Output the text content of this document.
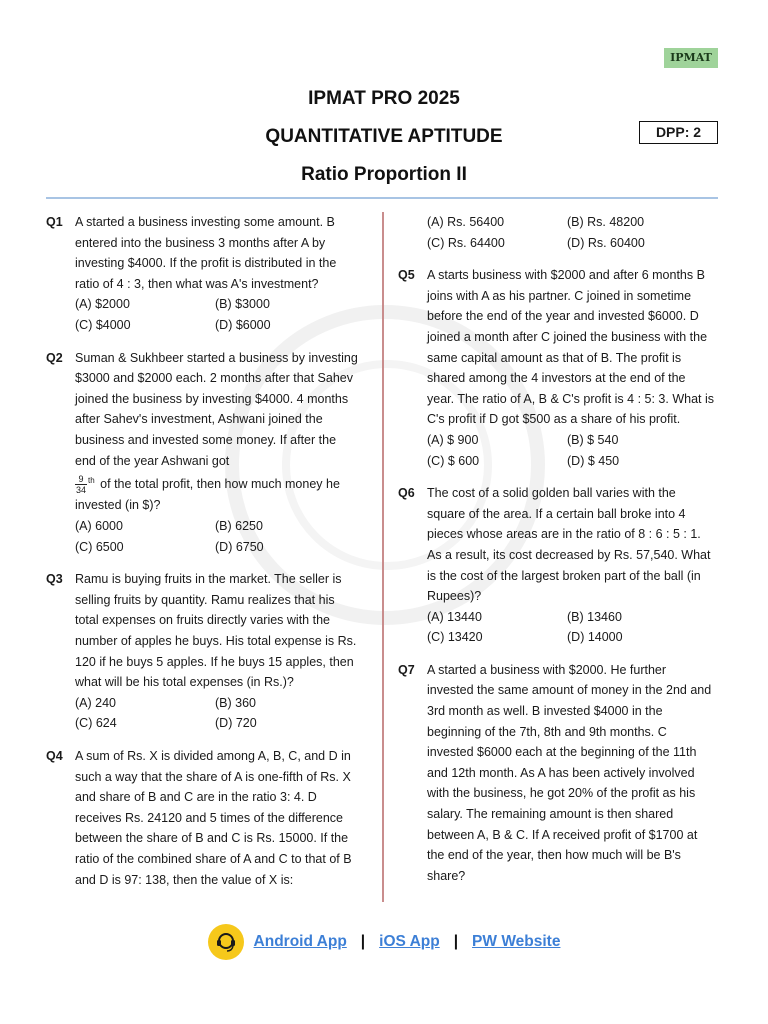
IPMAT
IPMAT PRO 2025
QUANTITATIVE APTITUDE
Ratio Proportion II
DPP: 2
Q1 A started a business investing some amount. B entered into the business 3 months after A by investing $4000. If the profit is distributed in the ratio of 4 : 3, then what was A's investment?

(A) $2000	(B) $3000
(C) $4000	(D) $6000
Q2 Suman & Sukhbeer started a business by investing $3000 and $2000 each. 2 months after that Sahev joined the business by investing $4000. 4 months after Sahev's investment, Ashwani joined the business and invested some money. If after the end of the year Ashwani got

$\frac{9}{34} ^{th}$ of the total profit, then how much money he invested (in $)?

(A) 6000	(B) 6250
(C) 6500	(D) 6750
Q3 Ramu is buying fruits in the market. The seller is selling fruits by quantity. Ramu realizes that his total expenses on fruits directly varies with the number of apples he buys. His total expense is Rs. 120 if he buys 5 apples. If he buys 15 apples, then what will be his total expenses (in Rs.)?

(A) 240	(B) 360
(C) 624	(D) 720
Q4 A sum of Rs. X is divided among A, B, C, and D in such a way that the share of A is one-fifth of Rs. X and share of B and C are in the ratio 3: 4. D receives Rs. 24120 and 5 times of the difference between the share of B and C is Rs. 15000. If the ratio of the combined share of A and C to that of B and D is 97: 138, then the value of X is:

(A) Rs. 56400	(B) Rs. 48200
(C) Rs. 64400	(D) Rs. 60400
Q5 A starts business with $2000 and after 6 months B joins with A as his partner. C joined in sometime before the end of the year and invested $6000. D joined a month after C joined the business with the same capital amount as that of B. The profit is shared among the 4 investors at the end of the year. The ratio of A, B & C's profit is 4 : 5: 3. What is C's profit if D got $500 as a share of his profit.

(A) $ 900	(B) $ 540
(C) $ 600	(D) $ 450
Q6 The cost of a solid golden ball varies with the square of the area. If a certain ball broke into 4 pieces whose areas are in the ratio of 8 : 6 : 5 : 1. As a result, its cost decreased by Rs. 57,540. What is the cost of the largest broken part of the ball (in Rupees)?

(A) 13440	(B) 13460
(C) 13420	(D) 14000
Q7 A started a business with $2000. He further invested the same amount of money in the 2nd and 3rd month as well. B invested $4000 in the beginning of the 7th, 8th and 9th months. C invested $6000 each at the beginning of the 11th and 12th month. As A has been actively involved with the business, he got 20% of the profit as his salary. The remaining amount is then shared between A, B & C. If A received profit of $1700 at the end of the year, then how much will be B's share?

Android App | iOS App | PW Website
